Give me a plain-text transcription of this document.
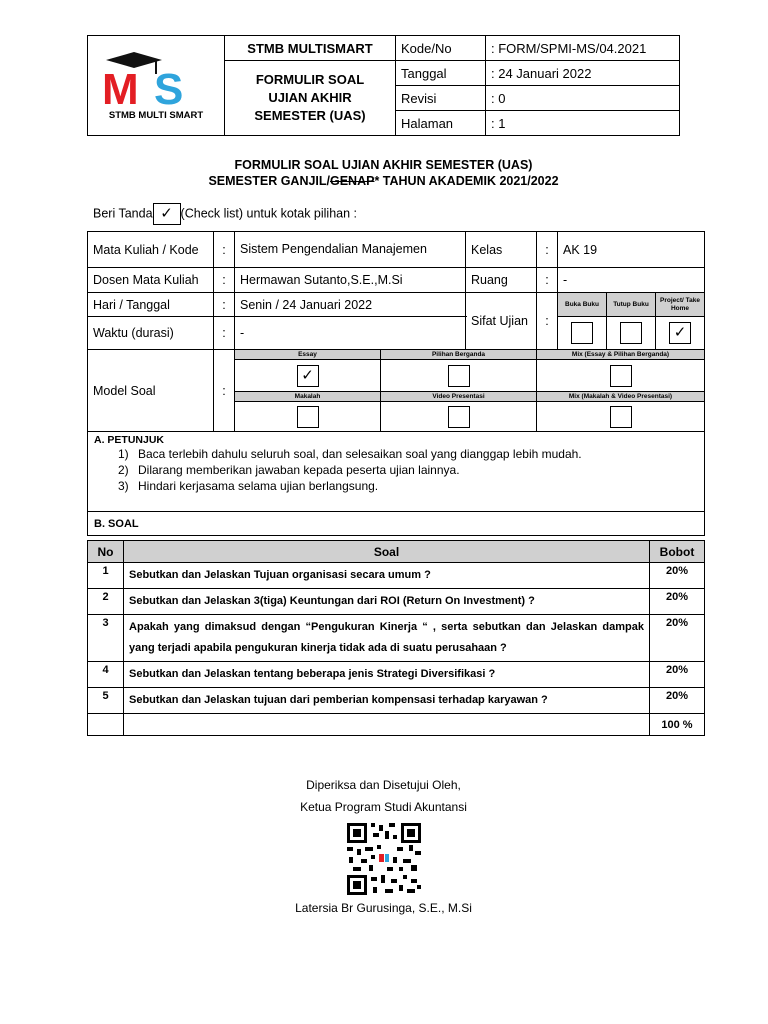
M S
STMB MULTI SMART	STMB MULTISMART	Kode/No	: FORM/SPMI-MS/04.2021
	FORMULIR SOAL UJIAN AKHIR SEMESTER (UAS)	Tanggal	: 24 Januari 2022
		Revisi	: 0
		Halaman	: 1
FORMULIR SOAL UJIAN AKHIR SEMESTER (UAS)
SEMESTER GANJIL/GENAP* TAHUN AKADEMIK 2021/2022
Beri Tanda ✓ (Check list) untuk kotak pilihan :
Mata Kuliah / Kode	:	Sistem Pengendalian Manajemen		Kelas	:	AK 19		
Dosen Mata Kuliah	:	Hermawan Sutanto,S.E.,M.Si		Ruang	:	-		
Hari / Tanggal	:	Senin / 24 Januari 2022		Sifat Ujian	:	Buka Buku	Tutup Buku	Project/ Take Home
Waktu (durasi)	:	-						✓
Model Soal	:	Essay	Pilihan Berganda		Mix (Essay & Pilihan Berganda)			
		✓						
		Makalah	Video Presentasi		Mix (Makalah & Video Presentasi)			

A. PETUNJUK
1) Baca terlebih dahulu seluruh soal, dan selesaikan soal yang dianggap lebih mudah.
2) Dilarang memberikan jawaban kepada peserta ujian lainnya.
3) Hindari kerjasama selama ujian berlangsung.								

B. SOAL								
No	Soal	Bobot
1	Sebutkan dan Jelaskan Tujuan organisasi secara umum ?	20%
2	Sebutkan dan Jelaskan 3(tiga) Keuntungan dari ROI (Return On Investment) ?	20%
3	Apakah yang dimaksud dengan “Pengukuran Kinerja “ , serta sebutkan dan Jelaskan dampak yang terjadi apabila pengukuran kinerja tidak ada di suatu perusahaan ?	20%
4	Sebutkan dan Jelaskan tentang beberapa jenis Strategi Diversifikasi ?	20%
5	Sebutkan dan Jelaskan tujuan dari pemberian kompensasi terhadap karyawan ?	20%
		100 %
Diperiksa dan Disetujui Oleh,
Ketua Program Studi Akuntansi
Latersia Br Gurusinga, S.E., M.Si
